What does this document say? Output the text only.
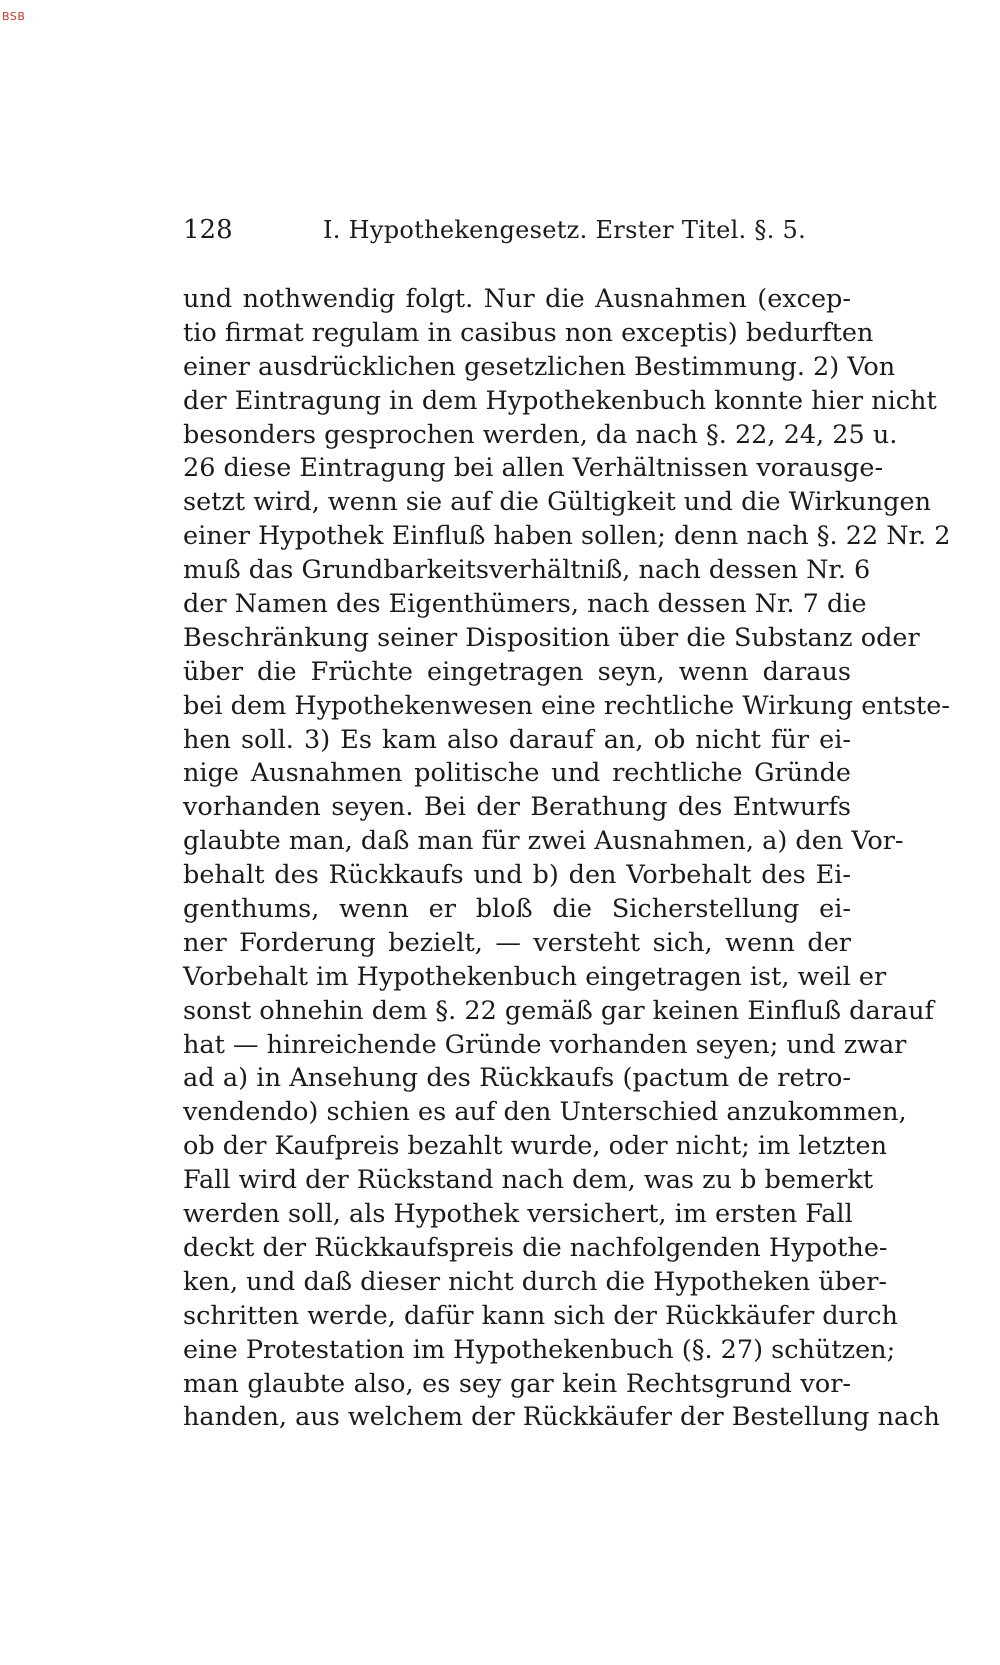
BSB
128	I. Hypothekengesetz. Erster Titel. §. 5.
und nothwendig folgt. Nur die Ausnahmen (excep-
tio firmat regulam in casibus non exceptis) bedurften
einer ausdrücklichen gesetzlichen Bestimmung. 2) Von
der Eintragung in dem Hypothekenbuch konnte hier nicht
besonders gesprochen werden, da nach §. 22, 24, 25 u.
26 diese Eintragung bei allen Verhältnissen vorausge-
setzt wird, wenn sie auf die Gültigkeit und die Wirkungen
einer Hypothek Einfluß haben sollen; denn nach §. 22 Nr. 2
muß das Grundbarkeitsverhältniß, nach dessen Nr. 6
der Namen des Eigenthümers, nach dessen Nr. 7 die
Beschränkung seiner Disposition über die Substanz oder
über die Früchte eingetragen seyn, wenn daraus
bei dem Hypothekenwesen eine rechtliche Wirkung entste-
hen soll. 3) Es kam also darauf an, ob nicht für ei-
nige Ausnahmen politische und rechtliche Gründe
vorhanden seyen. Bei der Berathung des Entwurfs
glaubte man, daß man für zwei Ausnahmen, a) den Vor-
behalt des Rückkaufs und b) den Vorbehalt des Ei-
genthums, wenn er bloß die Sicherstellung ei-
ner Forderung bezielt, — versteht sich, wenn der
Vorbehalt im Hypothekenbuch eingetragen ist, weil er
sonst ohnehin dem §. 22 gemäß gar keinen Einfluß darauf
hat — hinreichende Gründe vorhanden seyen; und zwar
ad a) in Ansehung des Rückkaufs (pactum de retro-
vendendo) schien es auf den Unterschied anzukommen,
ob der Kaufpreis bezahlt wurde, oder nicht; im letzten
Fall wird der Rückstand nach dem, was zu b bemerkt
werden soll, als Hypothek versichert, im ersten Fall
deckt der Rückkaufspreis die nachfolgenden Hypothe-
ken, und daß dieser nicht durch die Hypotheken über-
schritten werde, dafür kann sich der Rückkäufer durch
eine Protestation im Hypothekenbuch (§. 27) schützen;
man glaubte also, es sey gar kein Rechtsgrund vor-
handen, aus welchem der Rückkäufer der Bestellung nach
